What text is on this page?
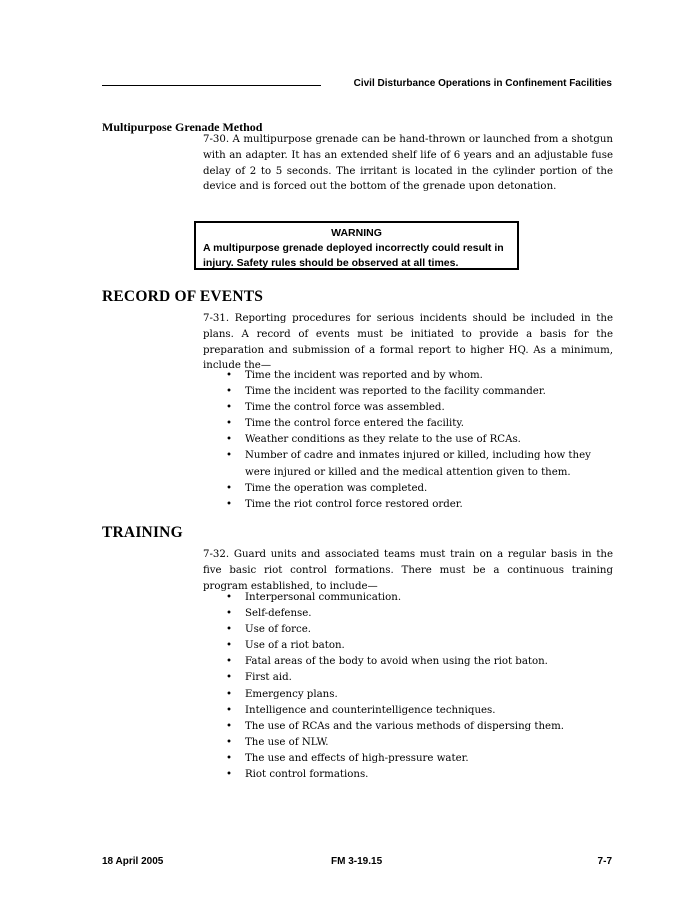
Civil Disturbance Operations in Confinement Facilities
Multipurpose Grenade Method

7-30. A multipurpose grenade can be hand-thrown or launched from a shotgun with an adapter. It has an extended shelf life of 6 years and an adjustable fuse delay of 2 to 5 seconds. The irritant is located in the cylinder portion of the device and is forced out the bottom of the grenade upon detonation.

WARNING
A multipurpose grenade deployed incorrectly could result in injury. Safety rules should be observed at all times.
RECORD OF EVENTS

7-31. Reporting procedures for serious incidents should be included in the plans. A record of events must be initiated to provide a basis for the preparation and submission of a formal report to higher HQ. As a minimum, include the—

• Time the incident was reported and by whom.
• Time the incident was reported to the facility commander.
• Time the control force was assembled.
• Time the control force entered the facility.
• Weather conditions as they relate to the use of RCAs.
• Number of cadre and inmates injured or killed, including how they were injured or killed and the medical attention given to them.
• Time the operation was completed.
• Time the riot control force restored order.
TRAINING

7-32. Guard units and associated teams must train on a regular basis in the five basic riot control formations. There must be a continuous training program established, to include—

• Interpersonal communication.
• Self-defense.
• Use of force.
• Use of a riot baton.
• Fatal areas of the body to avoid when using the riot baton.
• First aid.
• Emergency plans.
• Intelligence and counterintelligence techniques.
• The use of RCAs and the various methods of dispersing them.
• The use of NLW.
• The use and effects of high-pressure water.
• Riot control formations.
18 April 2005	FM 3-19.15	7-7
